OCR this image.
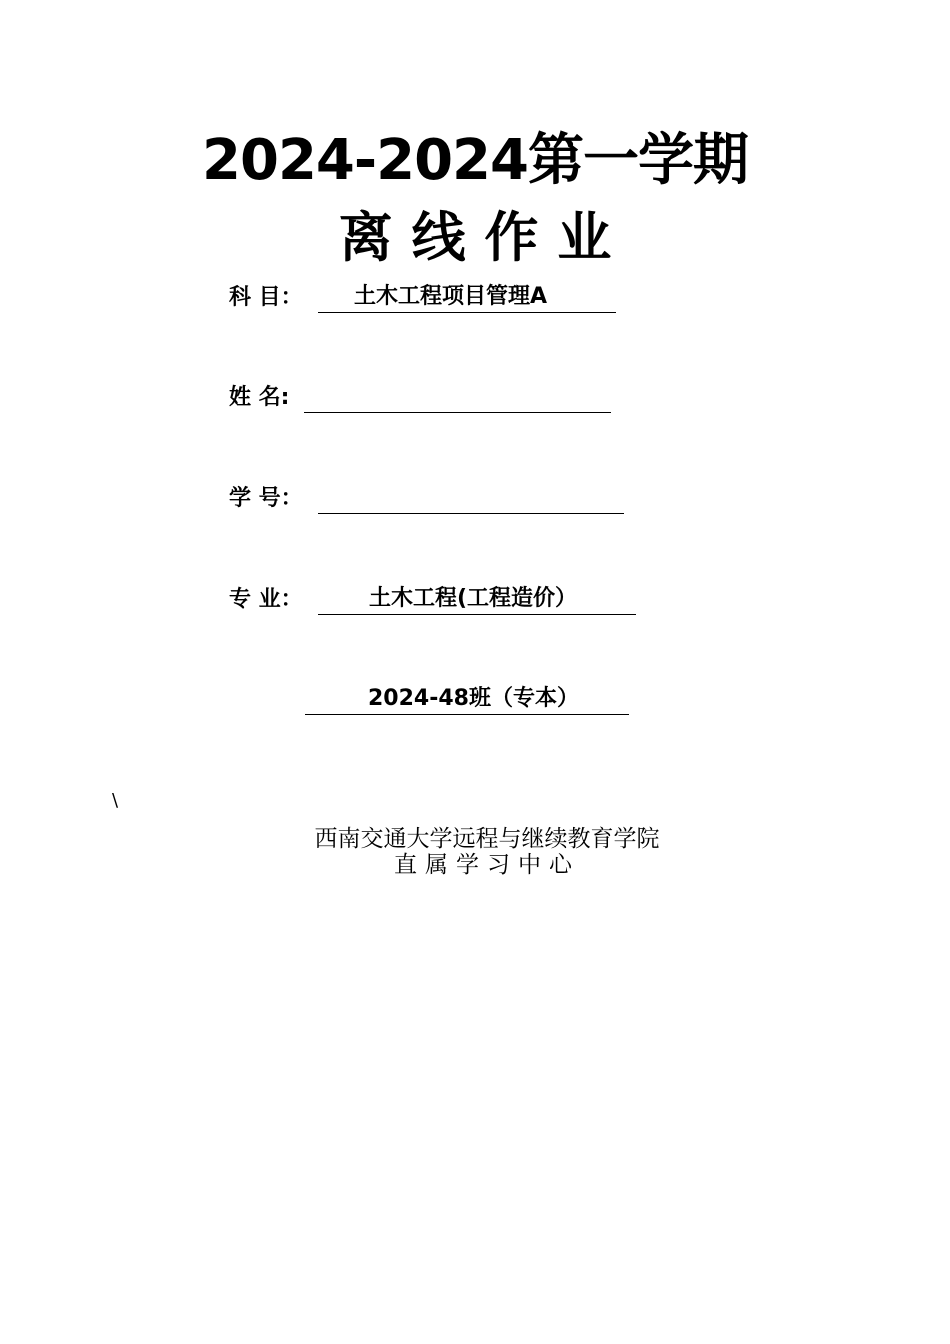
2024-2024第一学期
离 线 作 业
科 目： 土木工程项目管理A
姓 名:
学 号：
专 业：	土木工程(工程造价）
2024-48班（专本）
\
西南交通大学远程与继续教育学院
直属学习中心
